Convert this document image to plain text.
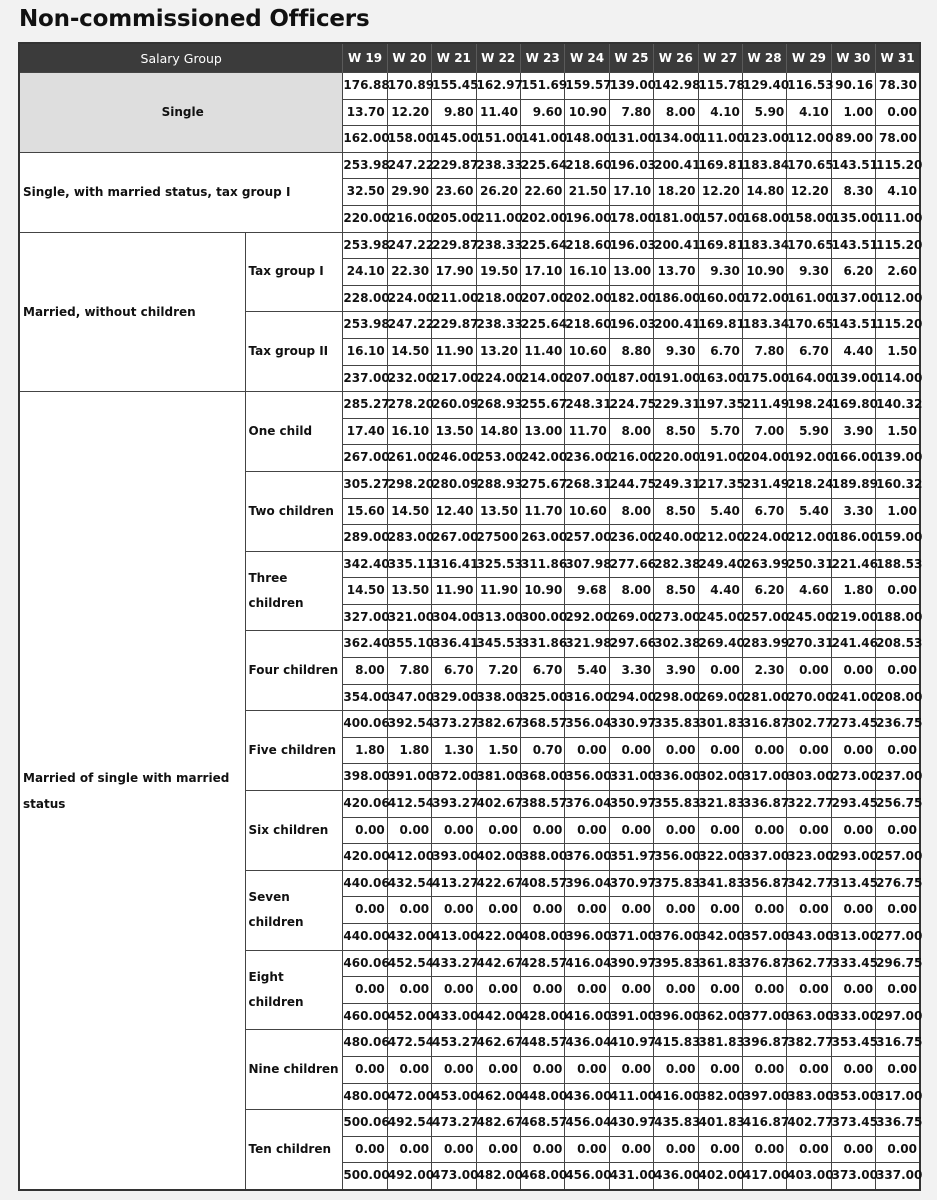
Non-commissioned Officers
Salary Group		W 19	W 20	W 21	W 22	W 23	W 24	W 25	W 26	W 27	W 28	W 29	W 30	W 31
Single		176.88	170.89	155.45	162.97	151.69	159.57	139.00	142.98	115.78	129.40	116.53	90.16	78.30
		13.70	12.20	9.80	11.40	9.60	10.90	7.80	8.00	4.10	5.90	4.10	1.00	0.00
		162.00	158.00	145.00	151.00	141.00	148.00	131.00	134.00	111.00	123.00	112.00	89.00	78.00
Single, with married status, tax group I		253.98	247.22	229.87	238.33	225.64	218.60	196.03	200.41	169.81	183.84	170.65	143.51	115.20
		32.50	29.90	23.60	26.20	22.60	21.50	17.10	18.20	12.20	14.80	12.20	8.30	4.10
		220.00	216.00	205.00	211.00	202.00	196.00	178.00	181.00	157.00	168.00	158.00	135.00	111.00
Married, without children	Tax group I	253.98	247.22	229.87	238.33	225.64	218.60	196.03	200.41	169.81	183.34	170.65	143.51	115.20
		24.10	22.30	17.90	19.50	17.10	16.10	13.00	13.70	9.30	10.90	9.30	6.20	2.60
		228.00	224.00	211.00	218.00	207.00	202.00	182.00	186.00	160.00	172.00	161.00	137.00	112.00
	Tax group II	253.98	247.22	229.87	238.33	225.64	218.60	196.03	200.41	169.81	183.34	170.65	143.51	115.20
		16.10	14.50	11.90	13.20	11.40	10.60	8.80	9.30	6.70	7.80	6.70	4.40	1.50
		237.00	232.00	217.00	224.00	214.00	207.00	187.00	191.00	163.00	175.00	164.00	139.00	114.00
Married of single with married status	One child	285.27	278.20	260.09	268.93	255.67	248.31	224.75	229.31	197.35	211.49	198.24	169.80	140.32
		17.40	16.10	13.50	14.80	13.00	11.70	8.00	8.50	5.70	7.00	5.90	3.90	1.50
		267.00	261.00	246.00	253.00	242.00	236.00	216.00	220.00	191.00	204.00	192.00	166.00	139.00
	Two children	305.27	298.20	280.09	288.93	275.67	268.31	244.75	249.31	217.35	231.49	218.24	189.89	160.32
		15.60	14.50	12.40	13.50	11.70	10.60	8.00	8.50	5.40	6.70	5.40	3.30	1.00
		289.00	283.00	267.00	27500	263.00	257.00	236.00	240.00	212.00	224.00	212.00	186.00	159.00
	Three children	342.40	335.11	316.41	325.53	311.86	307.98	277.66	282.38	249.40	263.99	250.31	221.46	188.53
		14.50	13.50	11.90	11.90	10.90	9.68	8.00	8.50	4.40	6.20	4.60	1.80	0.00
		327.00	321.00	304.00	313.00	300.00	292.00	269.00	273.00	245.00	257.00	245.00	219.00	188.00
	Four children	362.40	355.10	336.41	345.53	331.86	321.98	297.66	302.38	269.40	283.99	270.31	241.46	208.53
		8.00	7.80	6.70	7.20	6.70	5.40	3.30	3.90	0.00	2.30	0.00	0.00	0.00
		354.00	347.00	329.00	338.00	325.00	316.00	294.00	298.00	269.00	281.00	270.00	241.00	208.00
	Five children	400.06	392.54	373.27	382.67	368.57	356.04	330.97	335.83	301.83	316.87	302.77	273.45	236.75
		1.80	1.80	1.30	1.50	0.70	0.00	0.00	0.00	0.00	0.00	0.00	0.00	0.00
		398.00	391.00	372.00	381.00	368.00	356.00	331.00	336.00	302.00	317.00	303.00	273.00	237.00
	Six children	420.06	412.54	393.27	402.67	388.57	376.04	350.97	355.83	321.83	336.87	322.77	293.45	256.75
		0.00	0.00	0.00	0.00	0.00	0.00	0.00	0.00	0.00	0.00	0.00	0.00	0.00
		420.00	412.00	393.00	402.00	388.00	376.00	351.97	356.00	322.00	337.00	323.00	293.00	257.00
	Seven children	440.06	432.54	413.27	422.67	408.57	396.04	370.97	375.83	341.83	356.87	342.77	313.45	276.75
		0.00	0.00	0.00	0.00	0.00	0.00	0.00	0.00	0.00	0.00	0.00	0.00	0.00
		440.00	432.00	413.00	422.00	408.00	396.00	371.00	376.00	342.00	357.00	343.00	313.00	277.00
	Eight children	460.06	452.54	433.27	442.67	428.57	416.04	390.97	395.83	361.83	376.87	362.77	333.45	296.75
		0.00	0.00	0.00	0.00	0.00	0.00	0.00	0.00	0.00	0.00	0.00	0.00	0.00
		460.00	452.00	433.00	442.00	428.00	416.00	391.00	396.00	362.00	377.00	363.00	333.00	297.00
	Nine children	480.06	472.54	453.27	462.67	448.57	436.04	410.97	415.83	381.83	396.87	382.77	353.45	316.75
		0.00	0.00	0.00	0.00	0.00	0.00	0.00	0.00	0.00	0.00	0.00	0.00	0.00
		480.00	472.00	453.00	462.00	448.00	436.00	411.00	416.00	382.00	397.00	383.00	353.00	317.00
	Ten children	500.06	492.54	473.27	482.67	468.57	456.04	430.97	435.83	401.83	416.87	402.77	373.45	336.75
		0.00	0.00	0.00	0.00	0.00	0.00	0.00	0.00	0.00	0.00	0.00	0.00	0.00
		500.00	492.00	473.00	482.00	468.00	456.00	431.00	436.00	402.00	417.00	403.00	373.00	337.00
